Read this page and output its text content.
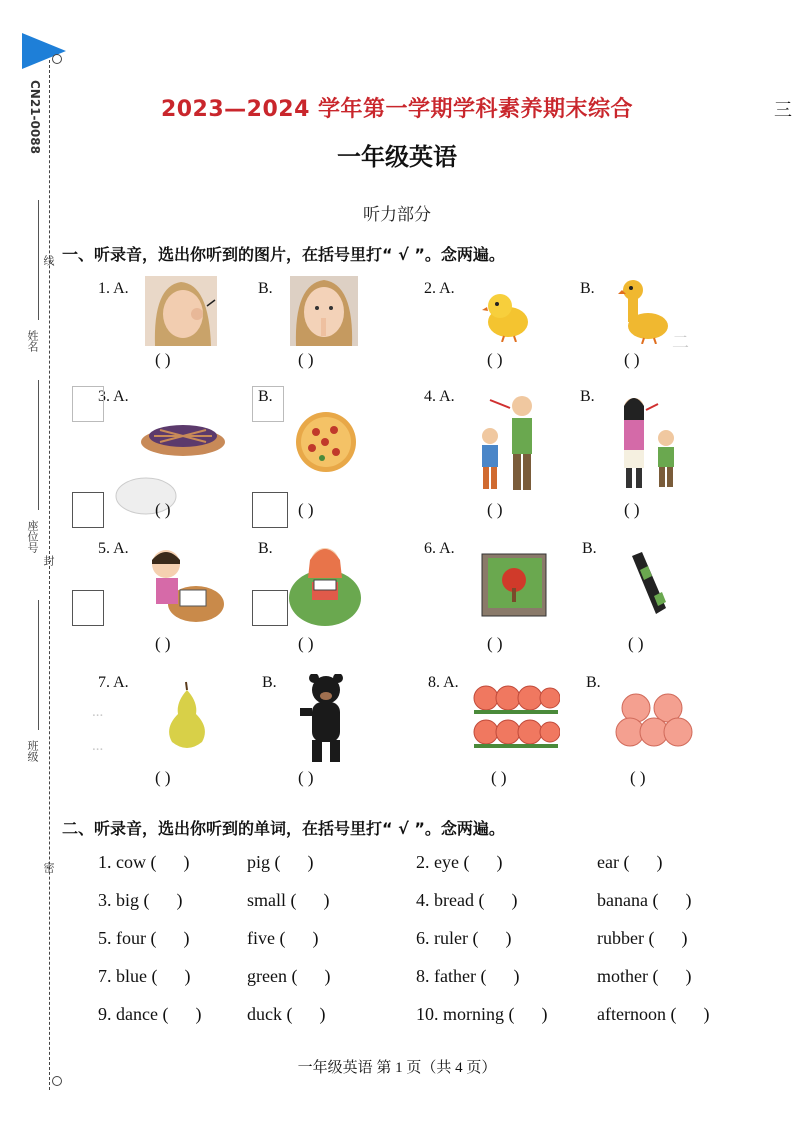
CN21-0088
线
姓名
座位号
封
班级
密
2023—2024 学年第一学期学科素养期末综合
一年级英语
听力部分
三
一、听录音，选出你听到的图片，在括号里打“ √ ”。念两遍。
1. A.	B.
( )	( )
2. A.	B.
( )	( )
二
3. A.	B.
( )	( )
4. A.	B.
( )	( )
5. A.	B.
( )	( )
6. A.	B.
( )	( )
7. A.
...
...
B.
( )	( )
8. A.	B.
( )	( )
二、听录音，选出你听到的单词，在括号里打“ √ ”。念两遍。
1. cow (      )	pig (      )	2. eye (      )	ear (      )
3. big (      )	small (      )	4. bread (      )	banana (      )
5. four (      )	five (      )	6. ruler (      )	rubber (      )
7. blue (      )	green (      )	8. father (      )	mother (      )
9. dance (      )	duck (      )	10. morning (      )	afternoon (      )
一年级英语 第 1 页（共 4 页）
